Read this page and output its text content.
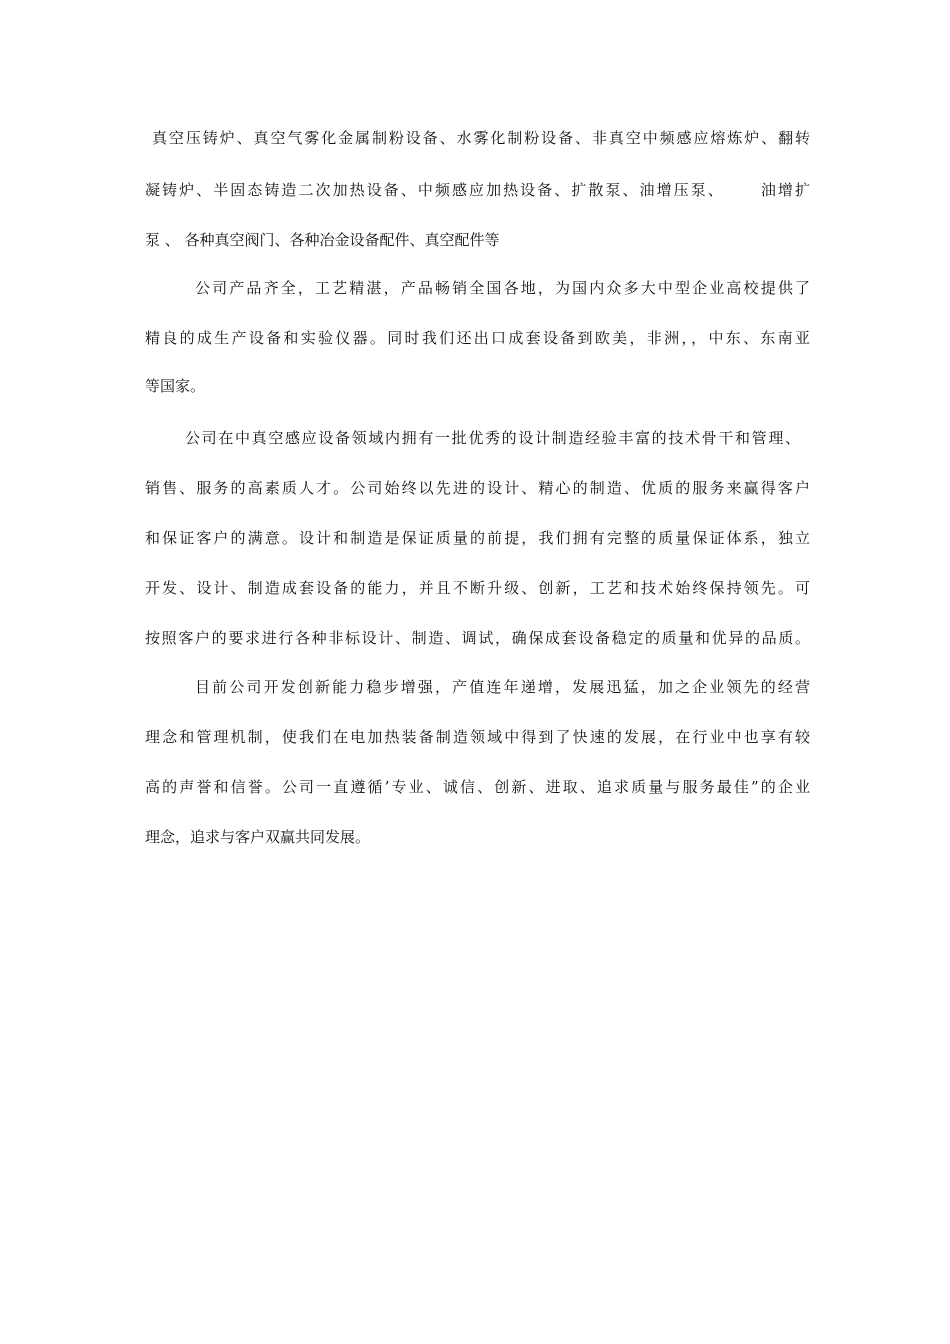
真空压铸炉、真空气雾化金属制粉设备、水雾化制粉设备、非真空中频感应熔炼炉、翻转
凝铸炉、半固态铸造二次加热设备、中频感应加热设备、扩散泵、油增压泵、 油增扩
泵 、 各种真空阀门、各种冶金设备配件、真空配件等
公司产品齐全，工艺精湛，产品畅销全国各地，为国内众多大中型企业高校提供了
精良的成生产设备和实验仪器。同时我们还出口成套设备到欧美，非洲，，中东、东南亚
等国家。
公司在中真空感应设备领域内拥有一批优秀的设计制造经验丰富的技术骨干和管理、
销售、服务的高素质人才。公司始终以先进的设计、精心的制造、优质的服务来赢得客户
和保证客户的满意。设计和制造是保证质量的前提，我们拥有完整的质量保证体系，独立
开发、设计、制造成套设备的能力，并且不断升级、创新，工艺和技术始终保持领先。可
按照客户的要求进行各种非标设计、制造、调试，确保成套设备稳定的质量和优异的品质。
目前公司开发创新能力稳步增强，产值连年递增，发展迅猛，加之企业领先的经营
理念和管理机制，使我们在电加热装备制造领域中得到了快速的发展，在行业中也享有较
高的声誉和信誉。公司一直遵循’专业、诚信、创新、进取、追求质量与服务最佳”的企业
理念，追求与客户双赢共同发展。
